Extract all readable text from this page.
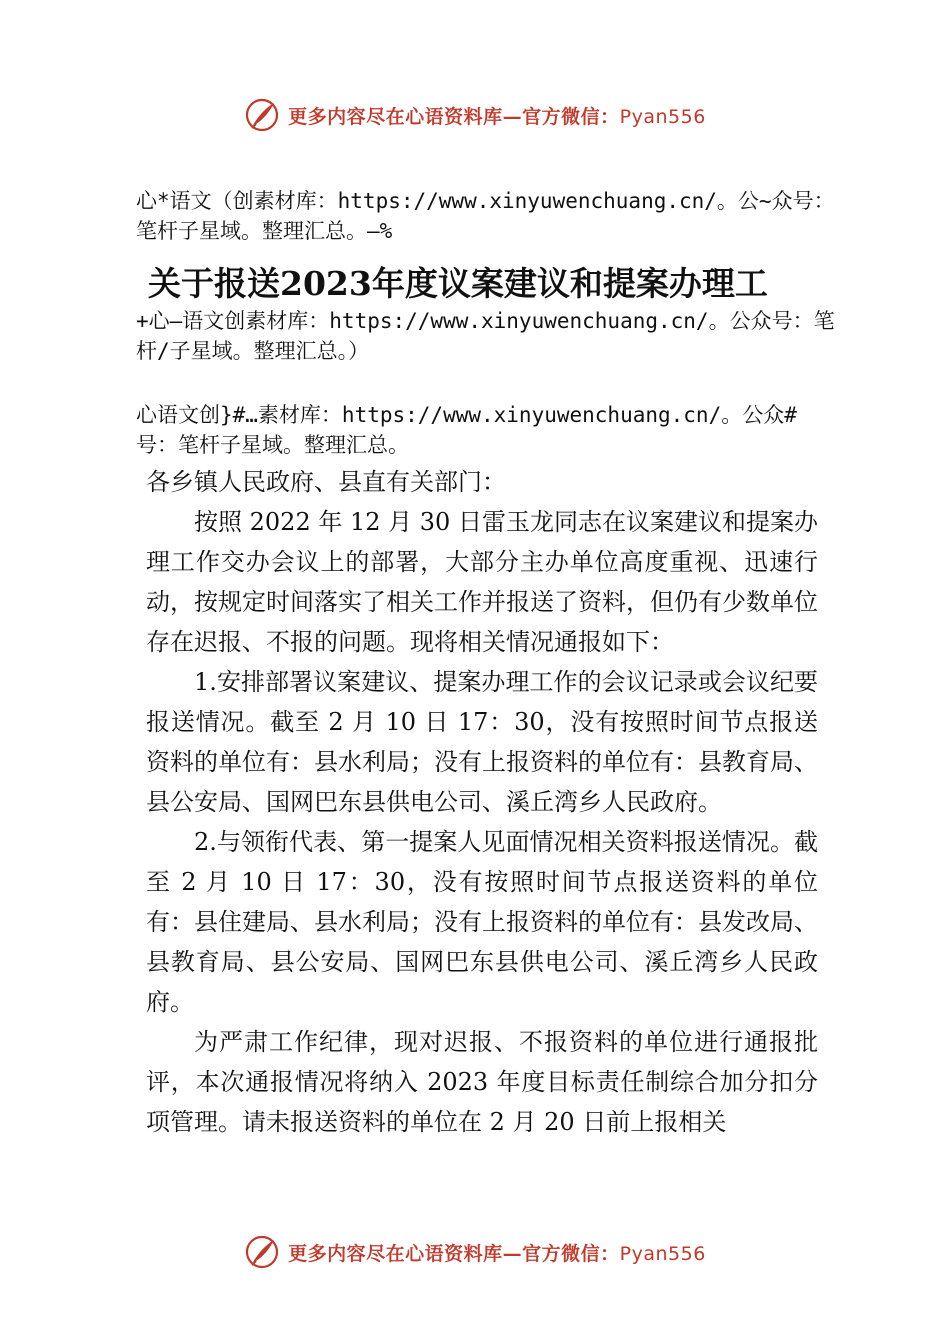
更多内容尽在心语资料库—官方微信：Pyan556
心*语文（创素材库：https://www.xinyuwenchuang.cn/。公~众号：笔杆子星域。整理汇总。—%
关于报送2023年度议案建议和提案办理工
+心—语文创素材库：https://www.xinyuwenchuang.cn/。公众号：笔杆/子星域。整理汇总。）
心语文创}#…素材库：https://www.xinyuwenchuang.cn/。公众#号：笔杆子星域。整理汇总。

各乡镇人民政府、县直有关部门：

按照 2022 年 12 月 30 日雷玉龙同志在议案建议和提案办理工作交办会议上的部署，大部分主办单位高度重视、迅速行动，按规定时间落实了相关工作并报送了资料，但仍有少数单位存在迟报、不报的问题。现将相关情况通报如下：

1.安排部署议案建议、提案办理工作的会议记录或会议纪要报送情况。截至 2 月 10 日 17：30，没有按照时间节点报送资料的单位有：县水利局；没有上报资料的单位有：县教育局、县公安局、国网巴东县供电公司、溪丘湾乡人民政府。

2.与领衔代表、第一提案人见面情况相关资料报送情况。截至 2 月 10 日 17：30，没有按照时间节点报送资料的单位有：县住建局、县水利局；没有上报资料的单位有：县发改局、县教育局、县公安局、国网巴东县供电公司、溪丘湾乡人民政府。

为严肃工作纪律，现对迟报、不报资料的单位进行通报批评，本次通报情况将纳入 2023 年度目标责任制综合加分扣分项管理。请未报送资料的单位在 2 月 20 日前上报相关

更多内容尽在心语资料库—官方微信：Pyan556
